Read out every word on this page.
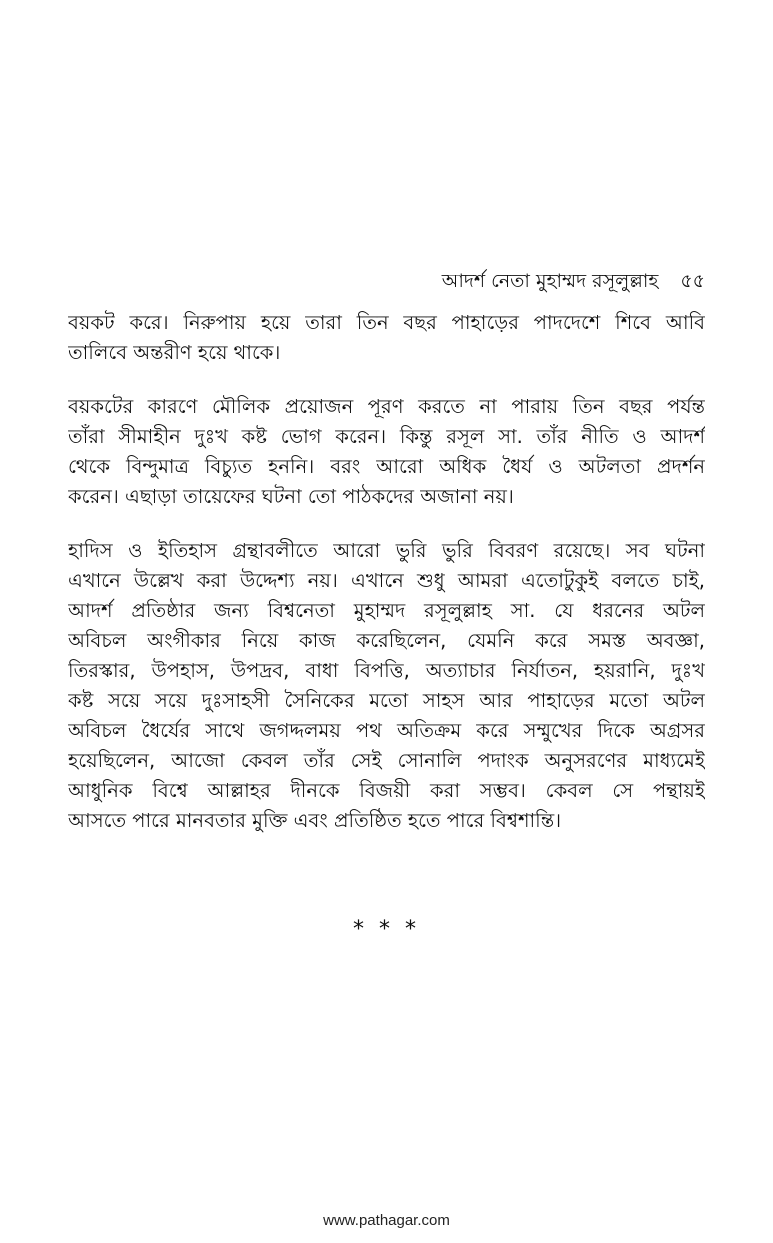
আদর্শ নেতা মুহাম্মদ রসূলুল্লাহ ৫৫

বয়কট করে। নিরুপায় হয়ে তারা তিন বছর পাহাড়ের পাদদেশে শিবে আবি
তালিবে অন্তরীণ হয়ে থাকে।

বয়কটের কারণে মৌলিক প্রয়োজন পূরণ করতে না পারায় তিন বছর পর্যন্ত
তাঁরা সীমাহীন দুঃখ কষ্ট ভোগ করেন। কিন্তু রসূল সা. তাঁর নীতি ও আদর্শ
থেকে বিন্দুমাত্র বিচ্যুত হননি। বরং আরো অধিক ধৈর্য ও অটলতা প্রদর্শন
করেন। এছাড়া তায়েফের ঘটনা তো পাঠকদের অজানা নয়।

হাদিস ও ইতিহাস গ্রন্থাবলীতে আরো ভুরি ভুরি বিবরণ রয়েছে। সব ঘটনা
এখানে উল্লেখ করা উদ্দেশ্য নয়। এখানে শুধু আমরা এতোটুকুই বলতে চাই,
আদর্শ প্রতিষ্ঠার জন্য বিশ্বনেতা মুহাম্মদ রসূলুল্লাহ সা. যে ধরনের অটল
অবিচল অংগীকার নিয়ে কাজ করেছিলেন, যেমনি করে সমস্ত অবজ্ঞা,
তিরস্কার, উপহাস, উপদ্রব, বাধা বিপত্তি, অত্যাচার নির্যাতন, হয়রানি, দুঃখ
কষ্ট সয়ে সয়ে দুঃসাহসী সৈনিকের মতো সাহস আর পাহাড়ের মতো অটল
অবিচল ধৈর্যের সাথে জগদ্দলময় পথ অতিক্রম করে সম্মুখের দিকে অগ্রসর
হয়েছিলেন, আজো কেবল তাঁর সেই সোনালি পদাংক অনুসরণের মাধ্যমেই
আধুনিক বিশ্বে আল্লাহর দীনকে বিজয়ী করা সম্ভব। কেবল সে পন্থায়ই
আসতে পারে মানবতার মুক্তি এবং প্রতিষ্ঠিত হতে পারে বিশ্বশান্তি।

* * *
www.pathagar.com
